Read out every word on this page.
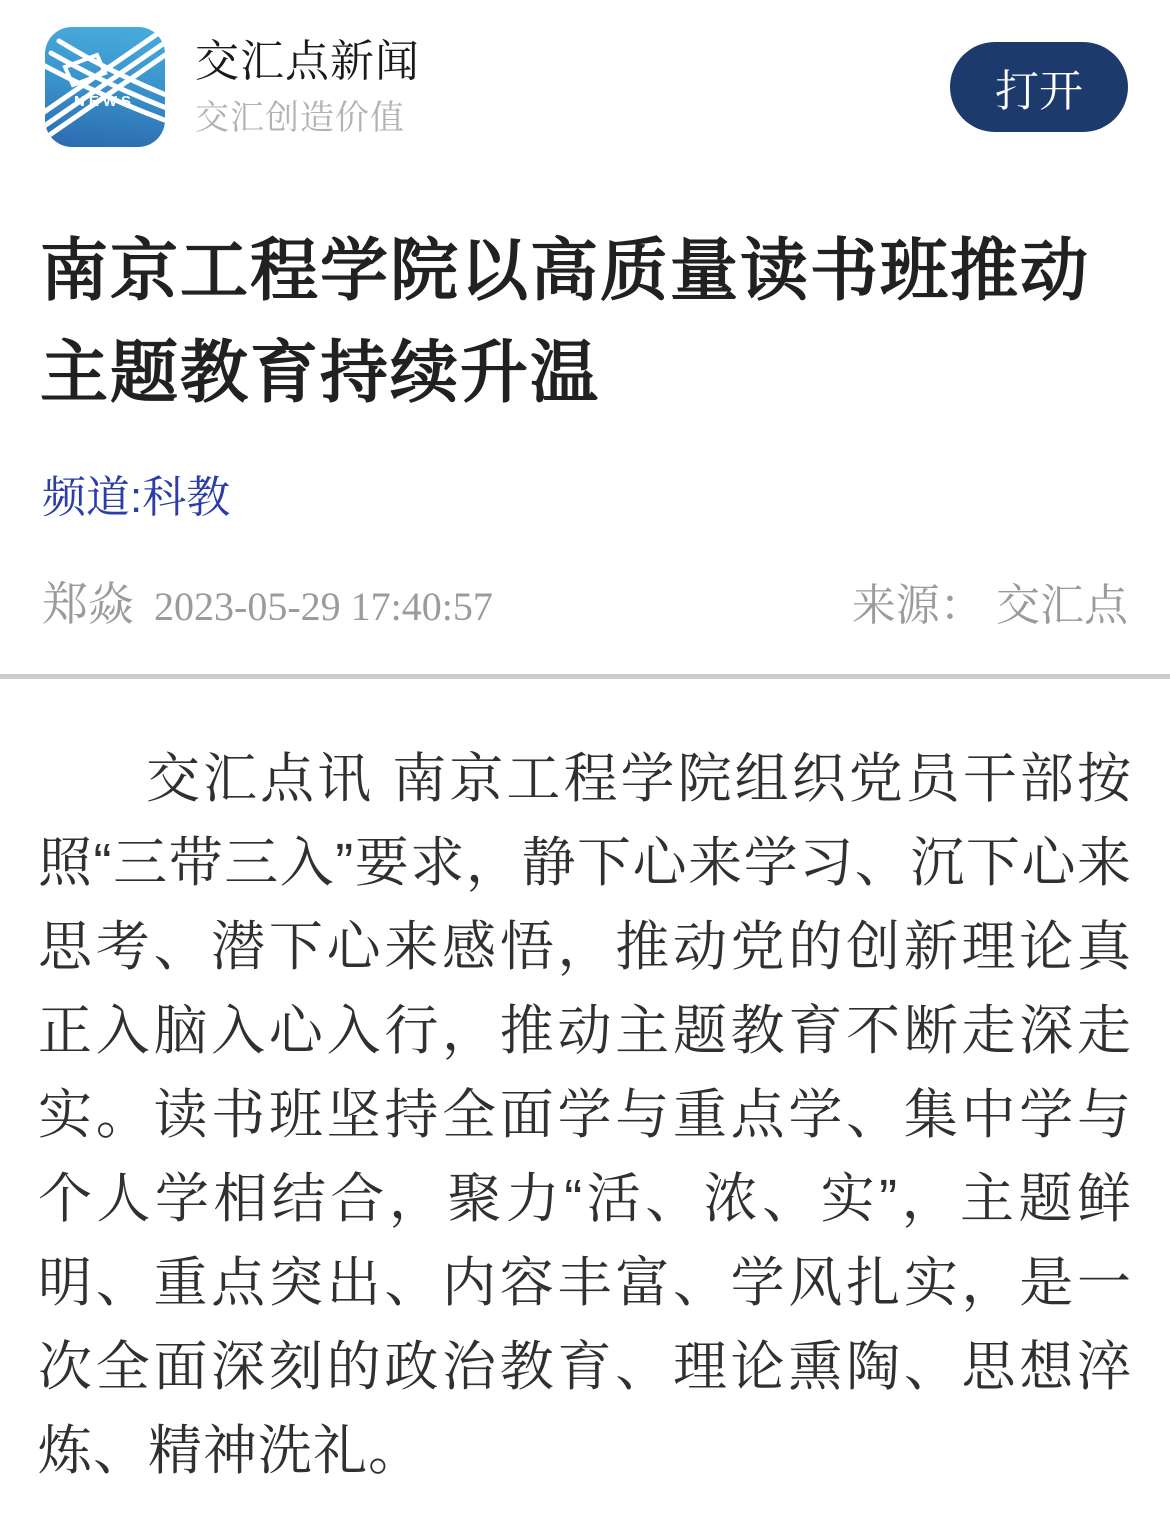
NEWS
交汇点新闻
交汇创造价值
打开
南京工程学院以高质量读书班推动主题教育持续升温
频道:科教
郑焱 2023-05-29 17:40:57	来源： 交汇点

交汇点讯 南京工程学院组织党员干部按照“三带三入”要求，静下心来学习、沉下心来思考、潜下心来感悟，推动党的创新理论真正入脑入心入行，推动主题教育不断走深走实。读书班坚持全面学与重点学、集中学与个人学相结合，聚力“活、浓、实”，主题鲜明、重点突出、内容丰富、学风扎实，是一次全面深刻的政治教育、理论熏陶、思想淬炼、精神洗礼。
